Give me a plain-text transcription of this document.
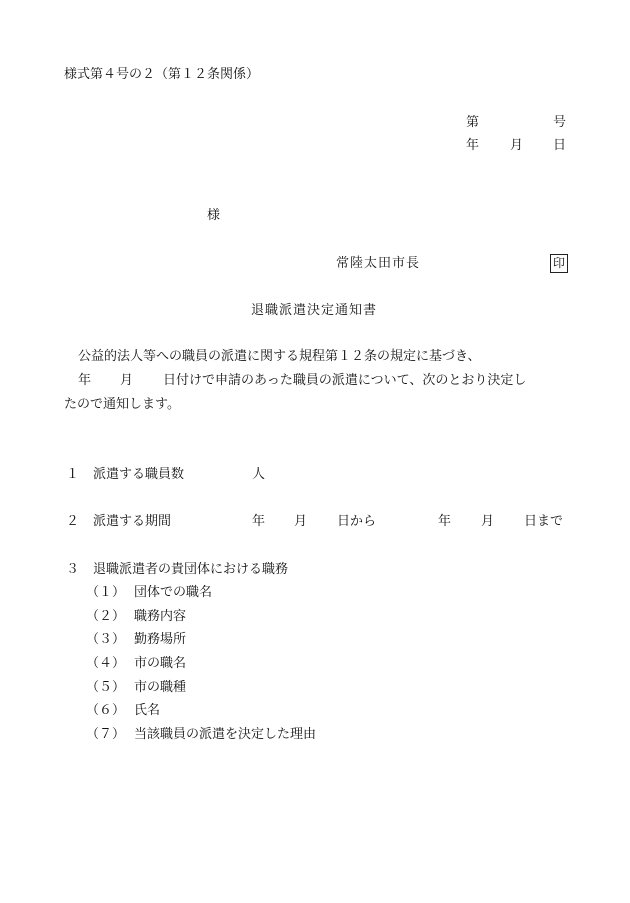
様式第４号の２（第１２条関係）
第	号
年 月 日
様
常陸太田市長	印
退職派遣決定通知書
公益的法人等への職員の派遣に関する規程第１２条の規定に基づき、
年 月 日付けで申請のあった職員の派遣について、次のとおり決定し
たので通知します。
１ 派遣する職員数	人
２ 派遣する期間	年 月 日から	年 月 日まで
３ 退職派遣者の貴団体における職務
（１） 団体での職名
（２） 職務内容
（３） 勤務場所
（４） 市の職名
（５） 市の職種
（６） 氏名
（７） 当該職員の派遣を決定した理由
